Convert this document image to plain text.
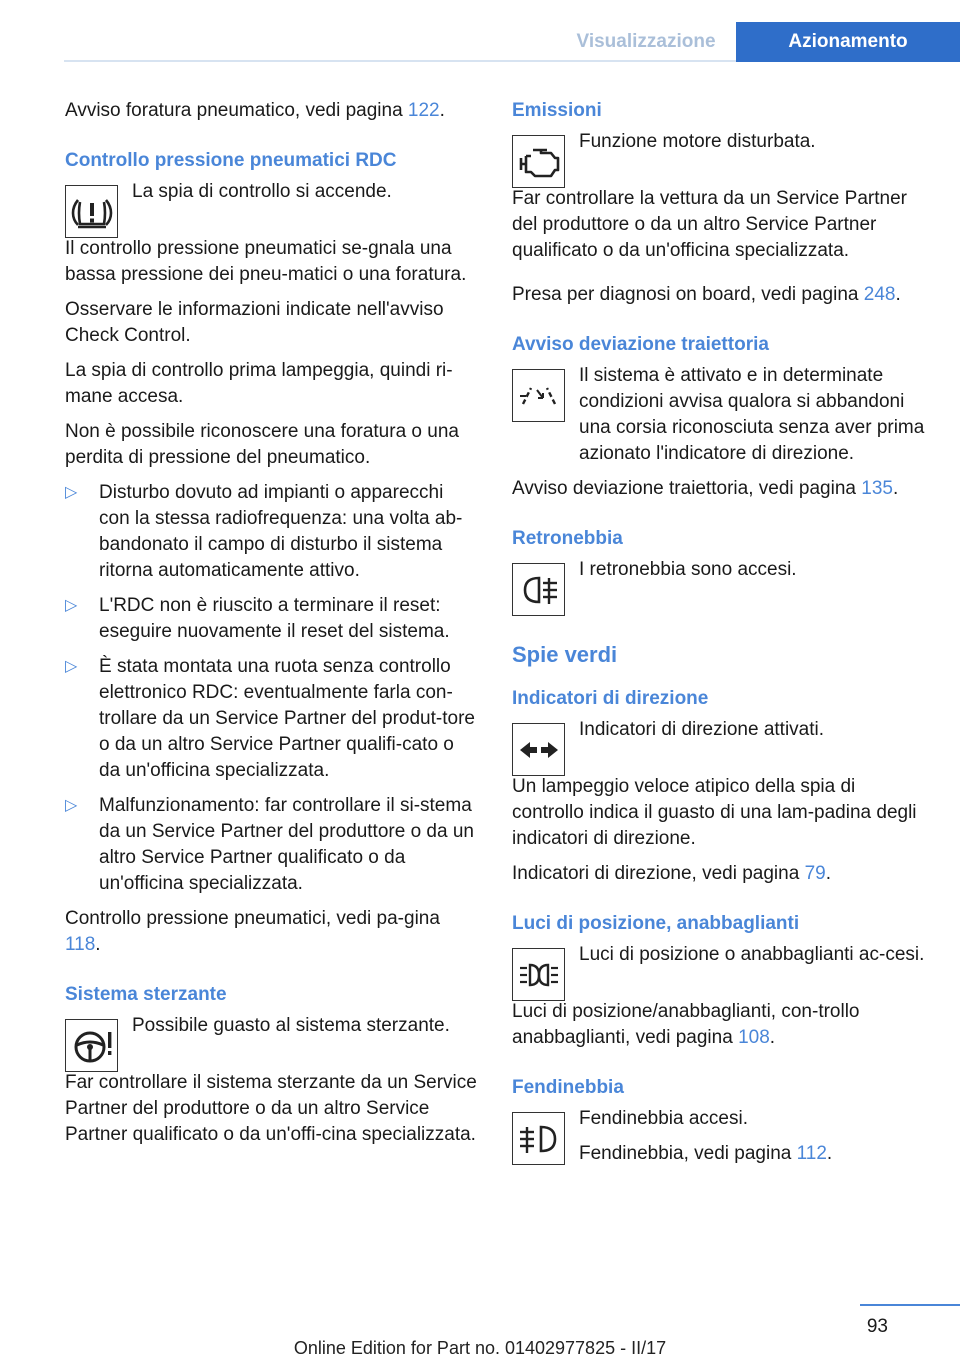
Visualizzazione	Azionamento

Avviso foratura pneumatico, vedi pagina 122.

Controllo pressione pneumatici RDC

La spia di controllo si accende.

Il controllo pressione pneumatici se-gnala una bassa pressione dei pneu-matici o una foratura.

Osservare le informazioni indicate nell'avviso Check Control.

La spia di controllo prima lampeggia, quindi ri-mane accesa.

Non è possibile riconoscere una foratura o una perdita di pressione del pneumatico.

▷ Disturbo dovuto ad impianti o apparecchi con la stessa radiofrequenza: una volta ab-bandonato il campo di disturbo il sistema ritorna automaticamente attivo.
▷ L'RDC non è riuscito a terminare il reset: eseguire nuovamente il reset del sistema.
▷ È stata montata una ruota senza controllo elettronico RDC: eventualmente farla con-trollare da un Service Partner del produt-tore o da un altro Service Partner qualifi-cato o da un'officina specializzata.
▷ Malfunzionamento: far controllare il si-stema da un Service Partner del produttore o da un altro Service Partner qualificato o da un'officina specializzata.

Controllo pressione pneumatici, vedi pa-gina 118.

Sistema sterzante

Possibile guasto al sistema sterzante.

Far controllare il sistema sterzante da un Service Partner del produttore o da un altro Service Partner qualificato o da un'offi-cina specializzata.

Emissioni

Funzione motore disturbata.

Far controllare la vettura da un Service Partner del produttore o da un altro Service Partner qualificato o da un'officina specializzata.

Presa per diagnosi on board, vedi pagina 248.

Avviso deviazione traiettoria

Il sistema è attivato e in determinate condizioni avvisa qualora si abbandoni una corsia riconosciuta senza aver prima azionato l'indicatore di direzione.

Avviso deviazione traiettoria, vedi pagina 135.

Retronebbia

I retronebbia sono accesi.

Spie verdi
Indicatori di direzione

Indicatori di direzione attivati.

Un lampeggio veloce atipico della spia di controllo indica il guasto di una lam-padina degli indicatori di direzione.

Indicatori di direzione, vedi pagina 79.

Luci di posizione, anabbaglianti

Luci di posizione o anabbaglianti ac-cesi.

Luci di posizione/anabbaglianti, con-trollo anabbaglianti, vedi pagina 108.

Fendinebbia

Fendinebbia accesi.

Fendinebbia, vedi pagina 112.

93
Online Edition for Part no. 01402977825 - II/17
